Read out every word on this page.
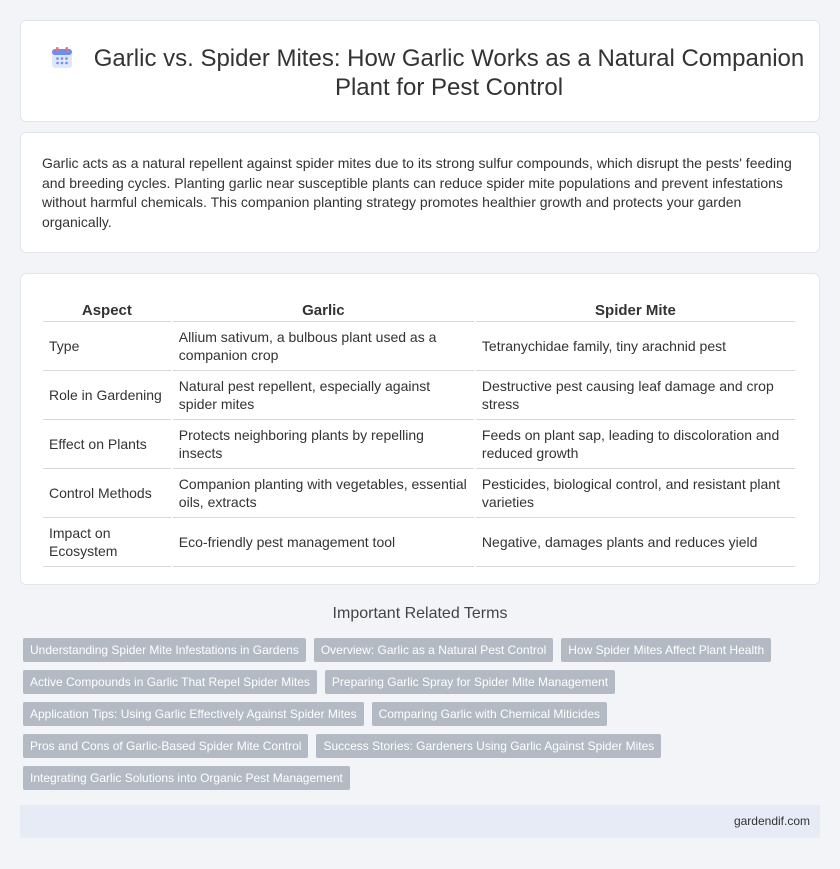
Garlic vs. Spider Mites: How Garlic Works as a Natural Companion Plant for Pest Control

Garlic acts as a natural repellent against spider mites due to its strong sulfur compounds, which disrupt the pests' feeding and breeding cycles. Planting garlic near susceptible plants can reduce spider mite populations and prevent infestations without harmful chemicals. This companion planting strategy promotes healthier growth and protects your garden organically.

Aspect	Garlic	Spider Mite
Type	Allium sativum, a bulbous plant used as a companion crop	Tetranychidae family, tiny arachnid pest
Role in Gardening	Natural pest repellent, especially against spider mites	Destructive pest causing leaf damage and crop stress
Effect on Plants	Protects neighboring plants by repelling insects	Feeds on plant sap, leading to discoloration and reduced growth
Control Methods	Companion planting with vegetables, essential oils, extracts	Pesticides, biological control, and resistant plant varieties
Impact on Ecosystem	Eco-friendly pest management tool	Negative, damages plants and reduces yield
Important Related Terms
Understanding Spider Mite Infestations in Gardens	Overview: Garlic as a Natural Pest Control	How Spider Mites Affect Plant Health
Active Compounds in Garlic That Repel Spider Mites	Preparing Garlic Spray for Spider Mite Management
Application Tips: Using Garlic Effectively Against Spider Mites	Comparing Garlic with Chemical Miticides
Pros and Cons of Garlic-Based Spider Mite Control	Success Stories: Gardeners Using Garlic Against Spider Mites
Integrating Garlic Solutions into Organic Pest Management
gardendif.com
